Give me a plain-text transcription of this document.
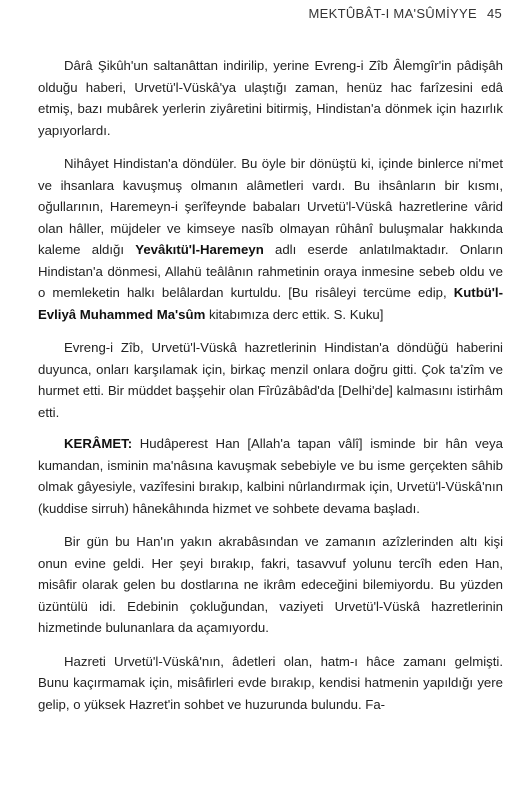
MEKTÛBÂT-I MA'SÛMİYYE 45

Dârâ Şikûh'un saltanâttan indirilip, yerine Evreng-i Zîb Âlemgîr'in pâdişâh olduğu haberi, Urvetü'l-Vüskâ'ya ulaştığı zaman, henüz hac farîzesini edâ etmiş, bazı mubârek yerlerin ziyâretini bitirmiş, Hindistan'a dönmek için hazırlık yapıyorlardı.

Nihâyet Hindistan'a döndüler. Bu öyle bir dönüştü ki, içinde binlerce ni'met ve ihsanlara kavuşmuş olmanın alâmetleri vardı. Bu ihsânların bir kısmı, oğullarının, Haremeyn-i şerîfeynde babaları Urvetü'l-Vüskâ hazretlerine vârid olan hâller, müjdeler ve kimseye nasîb olmayan rûhânî buluşmalar hakkında kaleme aldığı Yevâkıtü'l-Haremeyn adlı eserde anlatılmaktadır. Onların Hindistan'a dönmesi, Allahü teâlânın rahmetinin oraya inmesine sebeb oldu ve o memleketin halkı belâlardan kurtuldu. [Bu risâleyi tercüme edip, Kutbü'l-Evliyâ Muhammed Ma'sûm kitabımıza derc ettik. S. Kuku]

Evreng-i Zîb, Urvetü'l-Vüskâ hazretlerinin Hindistan'a döndüğü haberini duyunca, onları karşılamak için, birkaç menzil onlara doğru gitti. Çok ta'zîm ve hurmet etti. Bir müddet başşehir olan Fîrûzâbâd'da [Delhi'de] kalmasını istirhâm etti.

KERÂMET: Hudâperest Han [Allah'a tapan vâlî] isminde bir hân veya kumandan, isminin ma'nâsına kavuşmak sebebiyle ve bu isme gerçekten sâhib olmak gâyesiyle, vazîfesini bırakıp, kalbini nûrlandırmak için, Urvetü'l-Vüskâ'nın (kuddise sirruh) hânekâhında hizmet ve sohbete devama başladı.

Bir gün bu Han'ın yakın akrabâsından ve zamanın azîzlerinden altı kişi onun evine geldi. Her şeyi bırakıp, fakri, tasavvuf yolunu tercîh eden Han, misâfir olarak gelen bu dostlarına ne ikrâm edeceğini bilemiyordu. Bu yüzden üzüntülü idi. Edebinin çokluğundan, vaziyeti Urvetü'l-Vüskâ hazretlerinin hizmetinde bulunanlara da açamıyordu.

Hazreti Urvetü'l-Vüskâ'nın, âdetleri olan, hatm-ı hâce zamanı gelmişti. Bunu kaçırmamak için, misâfirleri evde bırakıp, kendisi hatmenin yapıldığı yere gelip, o yüksek Hazret'in sohbet ve huzurunda bulundu. Fa-
